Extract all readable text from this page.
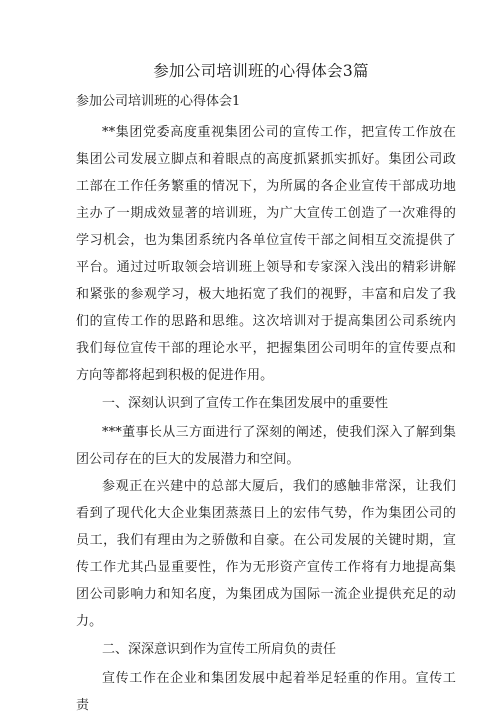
参加公司培训班的心得体会3篇
参加公司培训班的心得体会1

**集团党委高度重视集团公司的宣传工作，把宣传工作放在集团公司发展立脚点和着眼点的高度抓紧抓实抓好。集团公司政工部在工作任务繁重的情况下，为所属的各企业宣传干部成功地主办了一期成效显著的培训班，为广大宣传工创造了一次难得的学习机会，也为集团系统内各单位宣传干部之间相互交流提供了平台。通过过听取领会培训班上领导和专家深入浅出的精彩讲解和紧张的参观学习，极大地拓宽了我们的视野，丰富和启发了我们的宣传工作的思路和思维。这次培训对于提高集团公司系统内我们每位宣传干部的理论水平，把握集团公司明年的宣传要点和方向等都将起到积极的促进作用。

一、深刻认识到了宣传工作在集团发展中的重要性

***董事长从三方面进行了深刻的阐述，使我们深入了解到集团公司存在的巨大的发展潜力和空间。

参观正在兴建中的总部大厦后，我们的感触非常深，让我们看到了现代化大企业集团蒸蒸日上的宏伟气势，作为集团公司的员工，我们有理由为之骄傲和自豪。在公司发展的关键时期，宣传工作尤其凸显重要性，作为无形资产宣传工作将有力地提高集团公司影响力和知名度，为集团成为国际一流企业提供充足的动力。

二、深深意识到作为宣传工所肩负的责任

宣传工作在企业和集团发展中起着举足轻重的作用。宣传工责
